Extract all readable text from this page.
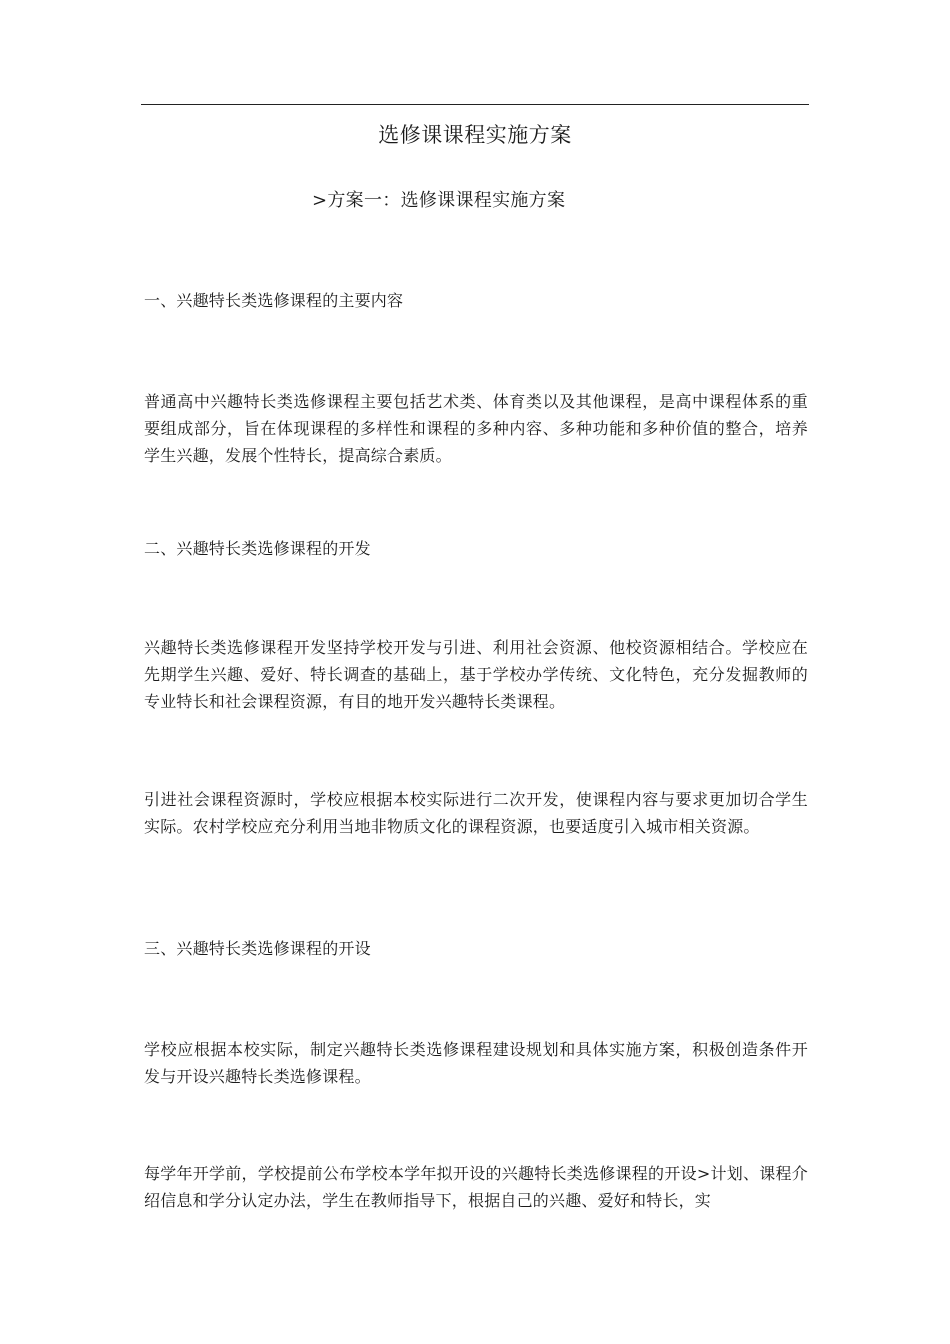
选修课课程实施方案
>方案一：选修课课程实施方案
一、兴趣特长类选修课程的主要内容
普通高中兴趣特长类选修课程主要包括艺术类、体育类以及其他课程，是高中课程体系的重要组成部分，旨在体现课程的多样性和课程的多种内容、多种功能和多种价值的整合，培养学生兴趣，发展个性特长，提高综合素质。
二、兴趣特长类选修课程的开发
兴趣特长类选修课程开发坚持学校开发与引进、利用社会资源、他校资源相结合。学校应在先期学生兴趣、爱好、特长调查的基础上，基于学校办学传统、文化特色，充分发掘教师的专业特长和社会课程资源，有目的地开发兴趣特长类课程。
引进社会课程资源时，学校应根据本校实际进行二次开发，使课程内容与要求更加切合学生实际。农村学校应充分利用当地非物质文化的课程资源，也要适度引入城市相关资源。
三、兴趣特长类选修课程的开设
学校应根据本校实际，制定兴趣特长类选修课程建设规划和具体实施方案，积极创造条件开发与开设兴趣特长类选修课程。
每学年开学前，学校提前公布学校本学年拟开设的兴趣特长类选修课程的开设>计划、课程介绍信息和学分认定办法，学生在教师指导下，根据自己的兴趣、爱好和特长，实
